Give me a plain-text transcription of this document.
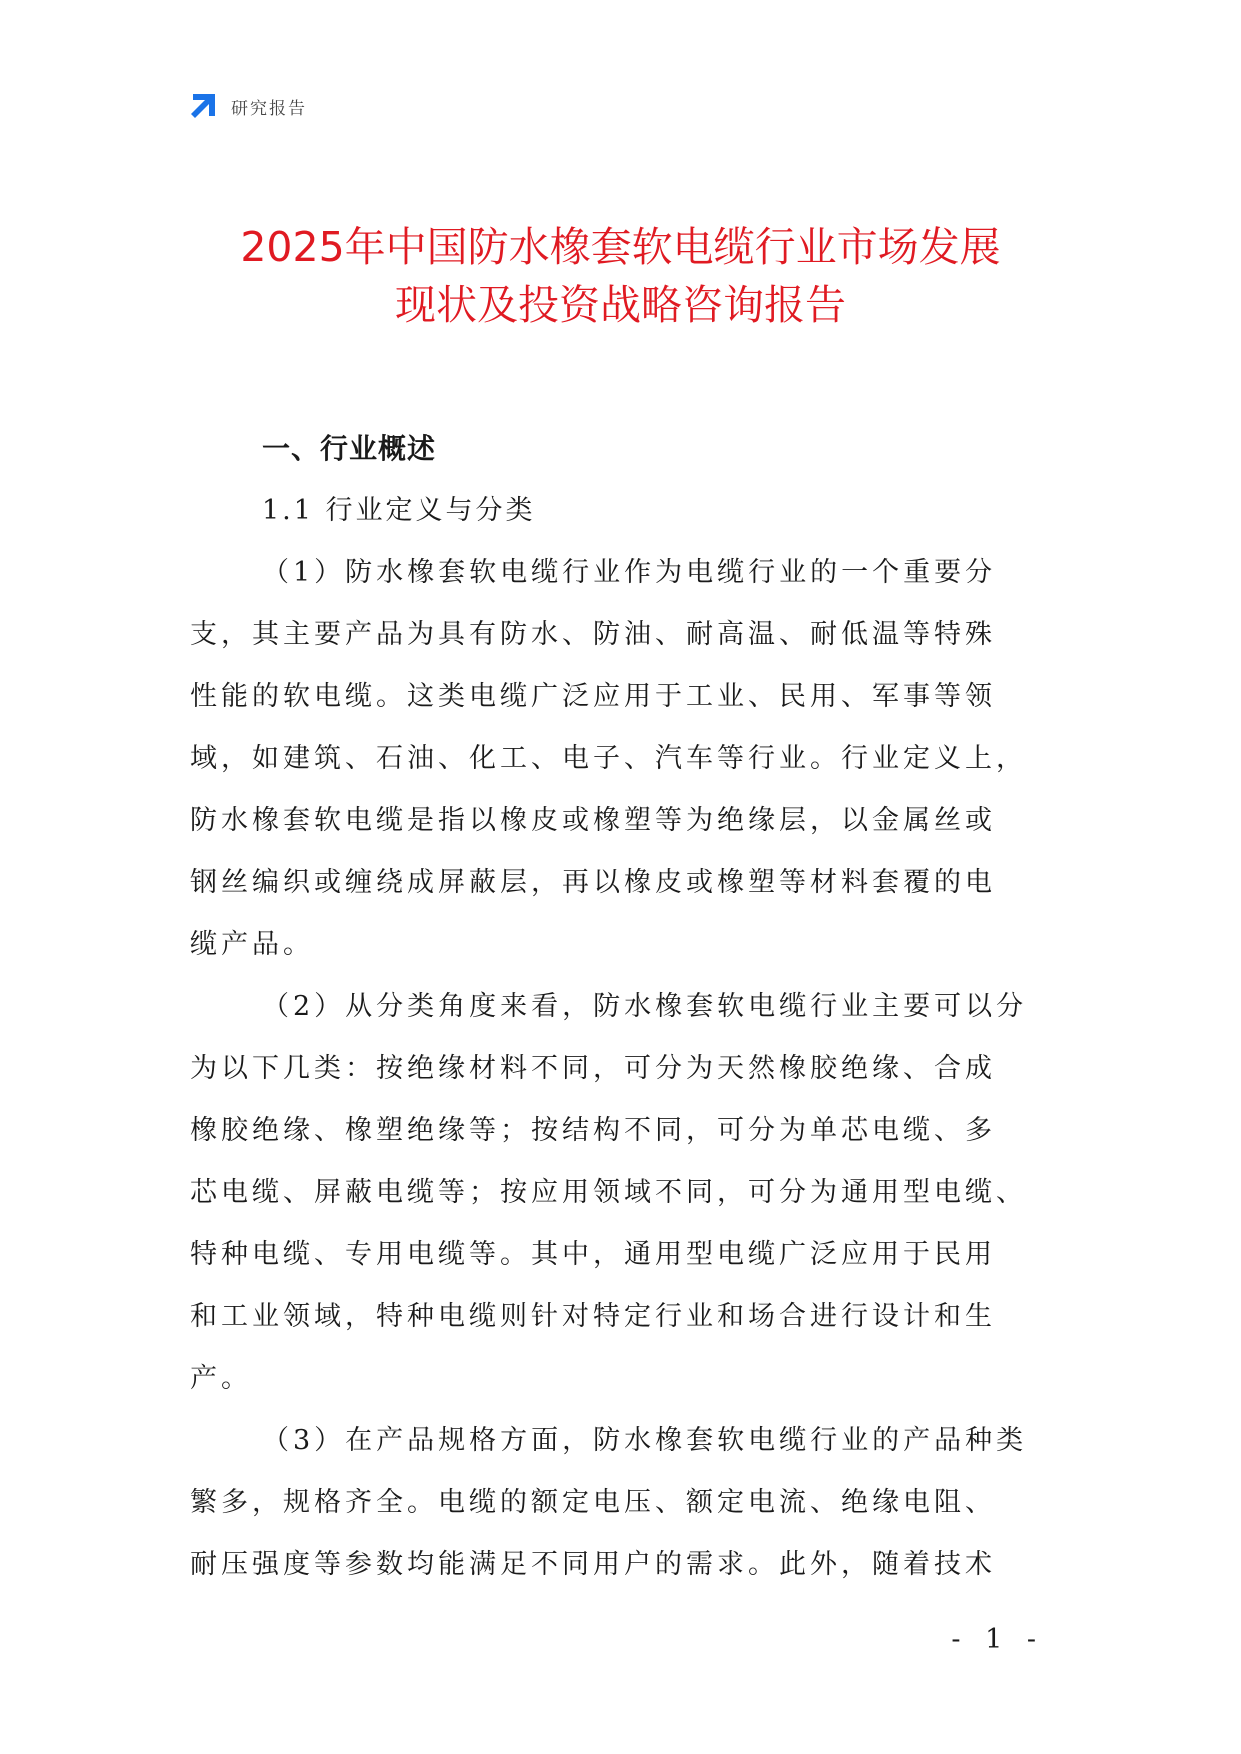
研究报告
2025年中国防水橡套软电缆行业市场发展
现状及投资战略咨询报告
一、行业概述
1.1 行业定义与分类
（1）防水橡套软电缆行业作为电缆行业的一个重要分
支，其主要产品为具有防水、防油、耐高温、耐低温等特殊
性能的软电缆。这类电缆广泛应用于工业、民用、军事等领
域，如建筑、石油、化工、电子、汽车等行业。行业定义上，
防水橡套软电缆是指以橡皮或橡塑等为绝缘层，以金属丝或
钢丝编织或缠绕成屏蔽层，再以橡皮或橡塑等材料套覆的电
缆产品。
（2）从分类角度来看，防水橡套软电缆行业主要可以分
为以下几类：按绝缘材料不同，可分为天然橡胶绝缘、合成
橡胶绝缘、橡塑绝缘等；按结构不同，可分为单芯电缆、多
芯电缆、屏蔽电缆等；按应用领域不同，可分为通用型电缆、
特种电缆、专用电缆等。其中，通用型电缆广泛应用于民用
和工业领域，特种电缆则针对特定行业和场合进行设计和生
产。
（3）在产品规格方面，防水橡套软电缆行业的产品种类
繁多，规格齐全。电缆的额定电压、额定电流、绝缘电阻、
耐压强度等参数均能满足不同用户的需求。此外，随着技术
- 1 -
